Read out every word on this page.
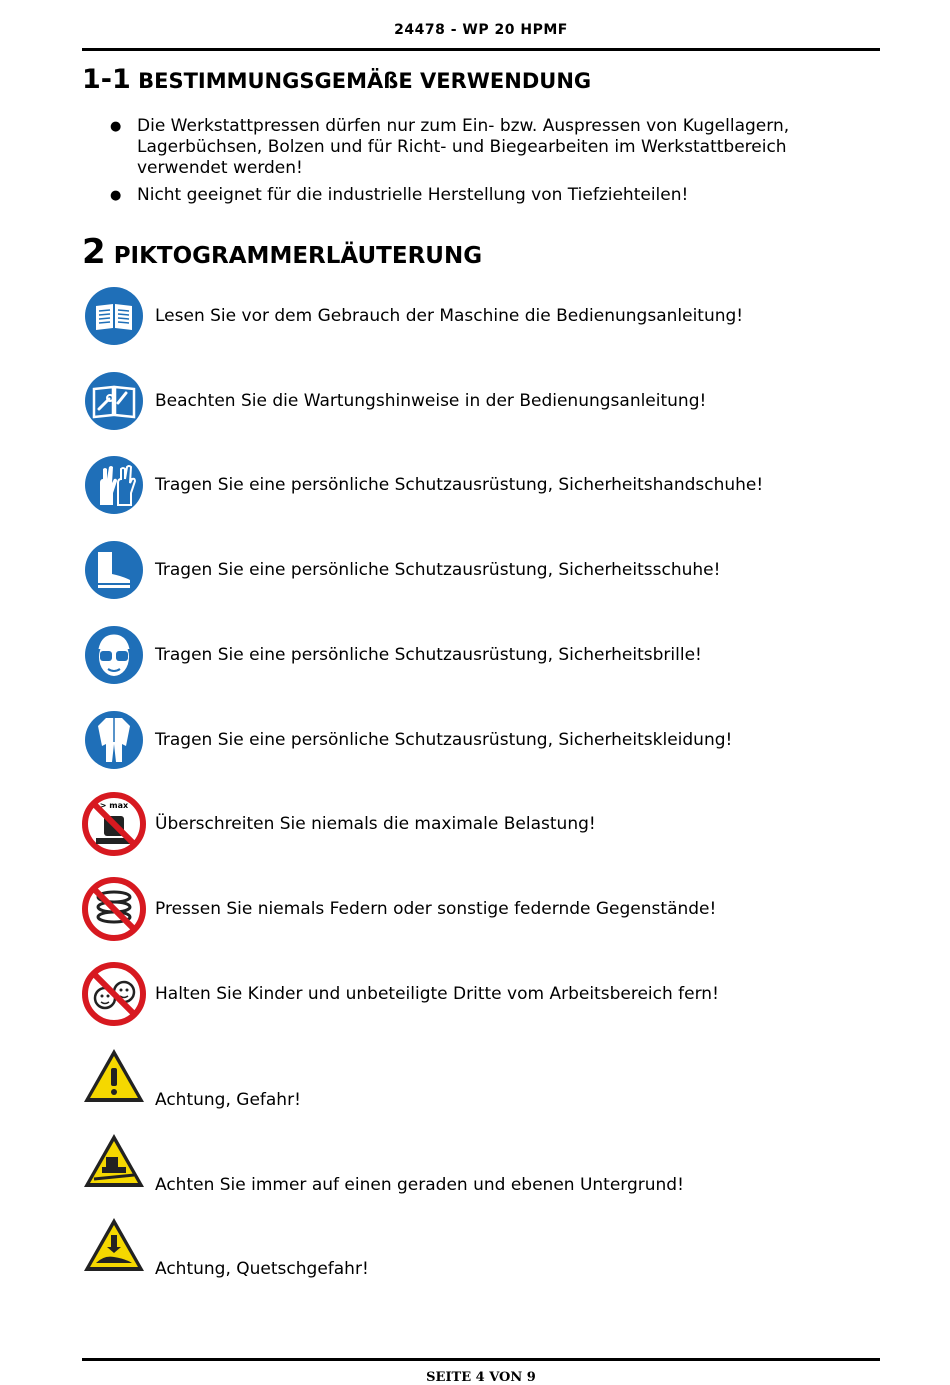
24478 - WP 20 HPMF
1-1 BESTIMMUNGSGEMÄßE VERWENDUNG
● Die Werkstattpressen dürfen nur zum Ein- bzw. Auspressen von Kugellagern, Lagerbüchsen, Bolzen und für Richt- und Biegearbeiten im Werkstattbereich verwendet werden!
● Nicht geeignet für die industrielle Herstellung von Tiefziehteilen!
2 PIKTOGRAMMERLÄUTERUNG
Lesen Sie vor dem Gebrauch der Maschine die Bedienungsanleitung!
Beachten Sie die Wartungshinweise in der Bedienungsanleitung!
Tragen Sie eine persönliche Schutzausrüstung, Sicherheitshandschuhe!
Tragen Sie eine persönliche Schutzausrüstung, Sicherheitsschuhe!
Tragen Sie eine persönliche Schutzausrüstung, Sicherheitsbrille!
Tragen Sie eine persönliche Schutzausrüstung, Sicherheitskleidung!
> max
Überschreiten Sie niemals die maximale Belastung!
Pressen Sie niemals Federn oder sonstige federnde Gegenstände!
Halten Sie Kinder und unbeteiligte Dritte vom Arbeitsbereich fern!
Achtung, Gefahr!
Achten Sie immer auf einen geraden und ebenen Untergrund!
Achtung, Quetschgefahr!
SEITE 4 VON 9
